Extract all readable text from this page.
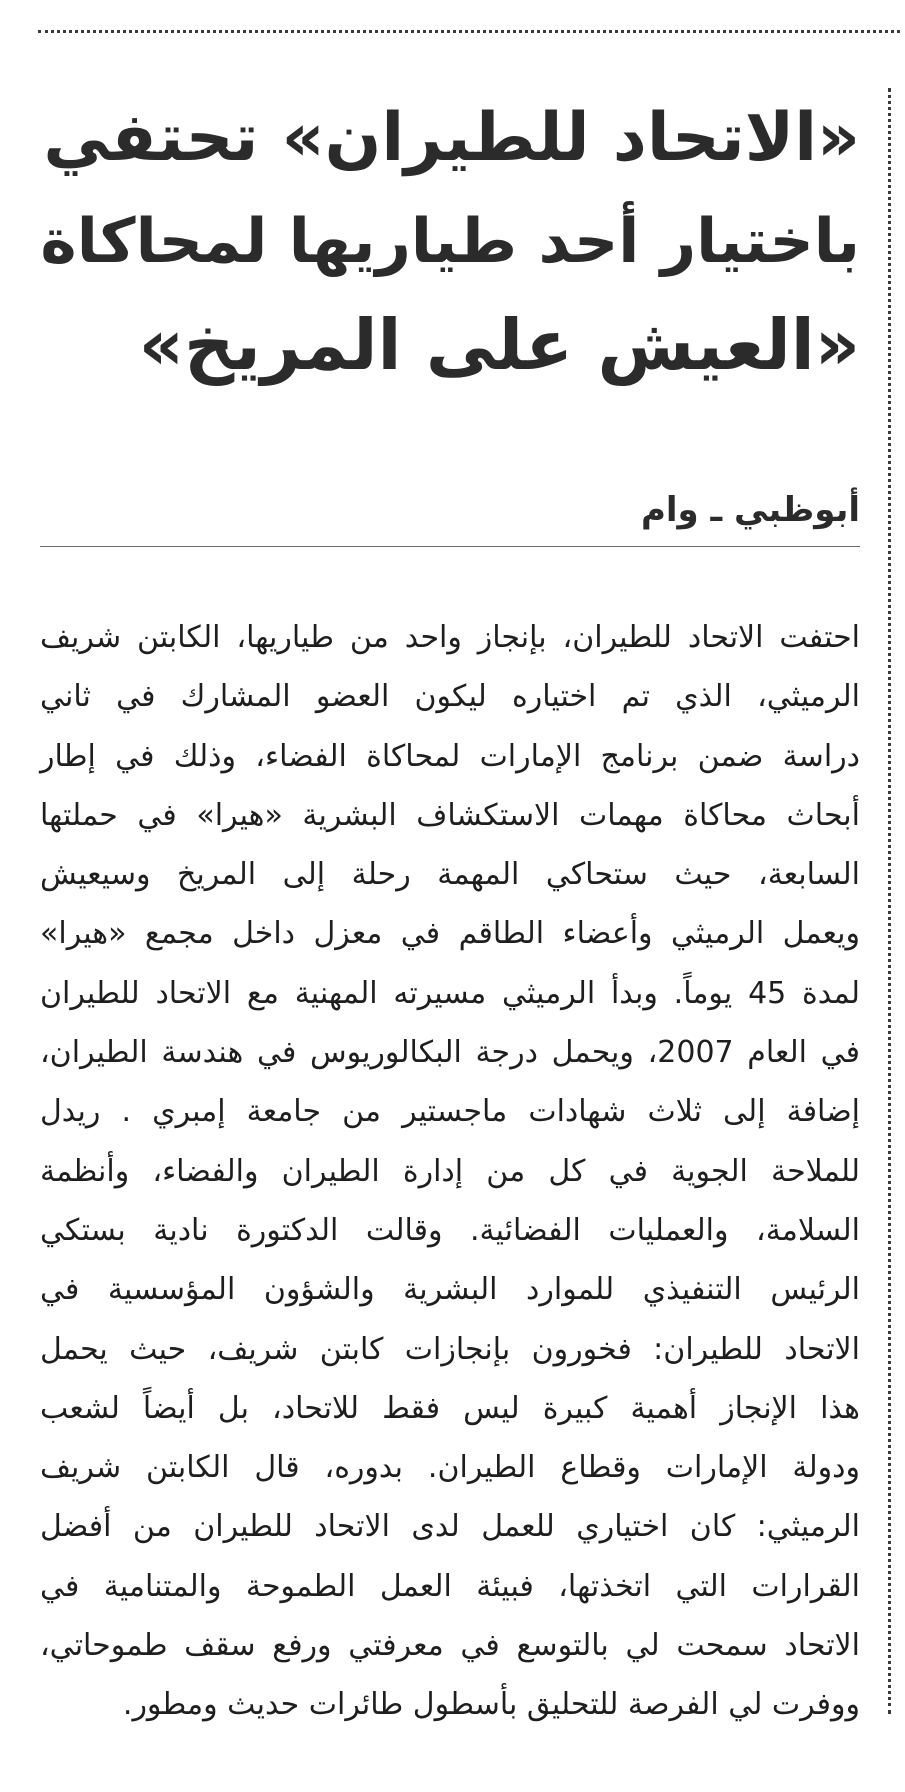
«الاتحاد للطيران» تحتفي
باختيار أحد طياريها لمحاكاة
«العيش على المريخ»
أبوظبي ـ وام
احتفت الاتحاد للطيران، بإنجاز واحد من طياريها، الكابتن شريف
الرميثي، الذي تم اختياره ليكون العضو المشارك في ثاني
دراسة ضمن برنامج الإمارات لمحاكاة الفضاء، وذلك في إطار
أبحاث محاكاة مهمات الاستكشاف البشرية «هيرا» في حملتها
السابعة، حيث ستحاكي المهمة رحلة إلى المريخ وسيعيش
ويعمل الرميثي وأعضاء الطاقم في معزل داخل مجمع «هيرا»
لمدة 45 يوماً. وبدأ الرميثي مسيرته المهنية مع الاتحاد للطيران
في العام 2007، ويحمل درجة البكالوريوس في هندسة الطيران،
إضافة إلى ثلاث شهادات ماجستير من جامعة إمبري . ريدل
للملاحة الجوية في كل من إدارة الطيران والفضاء، وأنظمة
السلامة، والعمليات الفضائية. وقالت الدكتورة نادية بستكي
الرئيس التنفيذي للموارد البشرية والشؤون المؤسسية في
الاتحاد للطيران: فخورون بإنجازات كابتن شريف، حيث يحمل
هذا الإنجاز أهمية كبيرة ليس فقط للاتحاد، بل أيضاً لشعب
ودولة الإمارات وقطاع الطيران. بدوره، قال الكابتن شريف
الرميثي: كان اختياري للعمل لدى الاتحاد للطيران من أفضل
القرارات التي اتخذتها، فبيئة العمل الطموحة والمتنامية في
الاتحاد سمحت لي بالتوسع في معرفتي ورفع سقف طموحاتي،
ووفرت لي الفرصة للتحليق بأسطول طائرات حديث ومطور.
